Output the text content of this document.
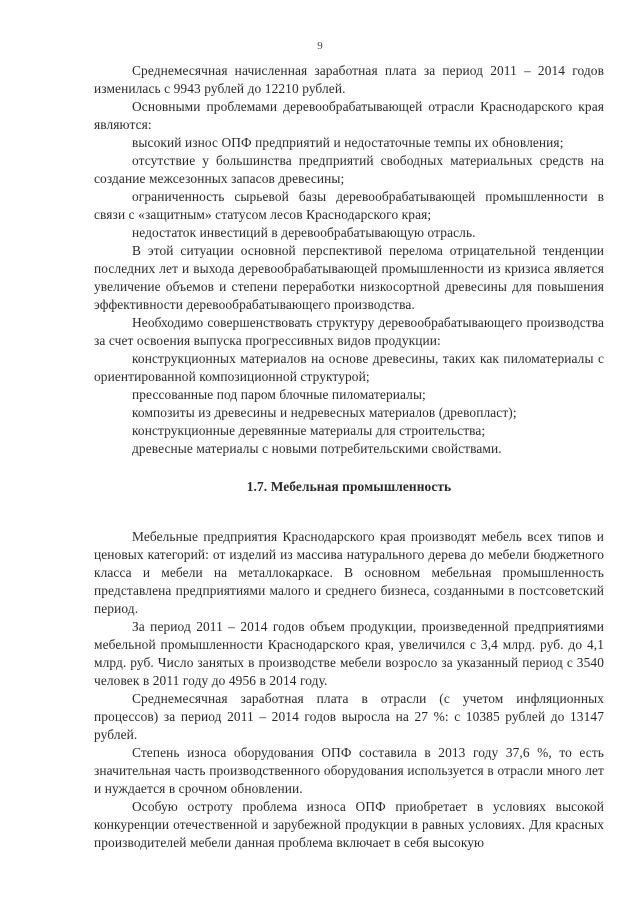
9

Среднемесячная начисленная заработная плата за период 2011 – 2014 годов изменилась с 9943 рублей до 12210 рублей.

Основными проблемами деревообрабатывающей отрасли Краснодарского края являются:

высокий износ ОПФ предприятий и недостаточные темпы их обновления;

отсутствие у большинства предприятий свободных материальных средств на создание межсезонных запасов древесины;

ограниченность сырьевой базы деревообрабатывающей промышленности в связи с «защитным» статусом лесов Краснодарского края;

недостаток инвестиций в деревообрабатывающую отрасль.

В этой ситуации основной перспективой перелома отрицательной тенденции последних лет и выхода деревообрабатывающей промышленности из кризиса является увеличение объемов и степени переработки низкосортной древесины для повышения эффективности деревообрабатывающего производства.

Необходимо совершенствовать структуру деревообрабатывающего производства за счет освоения выпуска прогрессивных видов продукции:

конструкционных материалов на основе древесины, таких как пиломатериалы с ориентированной композиционной структурой;

прессованные под паром блочные пиломатериалы;

композиты из древесины и недревесных материалов (древопласт);

конструкционные деревянные материалы для строительства;

древесные материалы с новыми потребительскими свойствами.

1.7. Мебельная промышленность

Мебельные предприятия Краснодарского края производят мебель всех типов и ценовых категорий: от изделий из массива натурального дерева до мебели бюджетного класса и мебели на металлокаркасе. В основном мебельная промышленность представлена предприятиями малого и среднего бизнеса, созданными в постсоветский период.

За период 2011 – 2014 годов объем продукции, произведенной предприятиями мебельной промышленности Краснодарского края, увеличился с 3,4 млрд. руб. до 4,1 млрд. руб. Число занятых в производстве мебели возросло за указанный период с 3540 человек в 2011 году до 4956 в 2014 году.

Среднемесячная заработная плата в отрасли (с учетом инфляционных процессов) за период 2011 – 2014 годов выросла на 27 %: с 10385 рублей до 13147 рублей.

Степень износа оборудования ОПФ составила в 2013 году 37,6 %, то есть значительная часть производственного оборудования используется в отрасли много лет и нуждается в срочном обновлении.

Особую остроту проблема износа ОПФ приобретает в условиях высокой конкуренции отечественной и зарубежной продукции в равных условиях. Для красных производителей мебели данная проблема включает в себя высокую
